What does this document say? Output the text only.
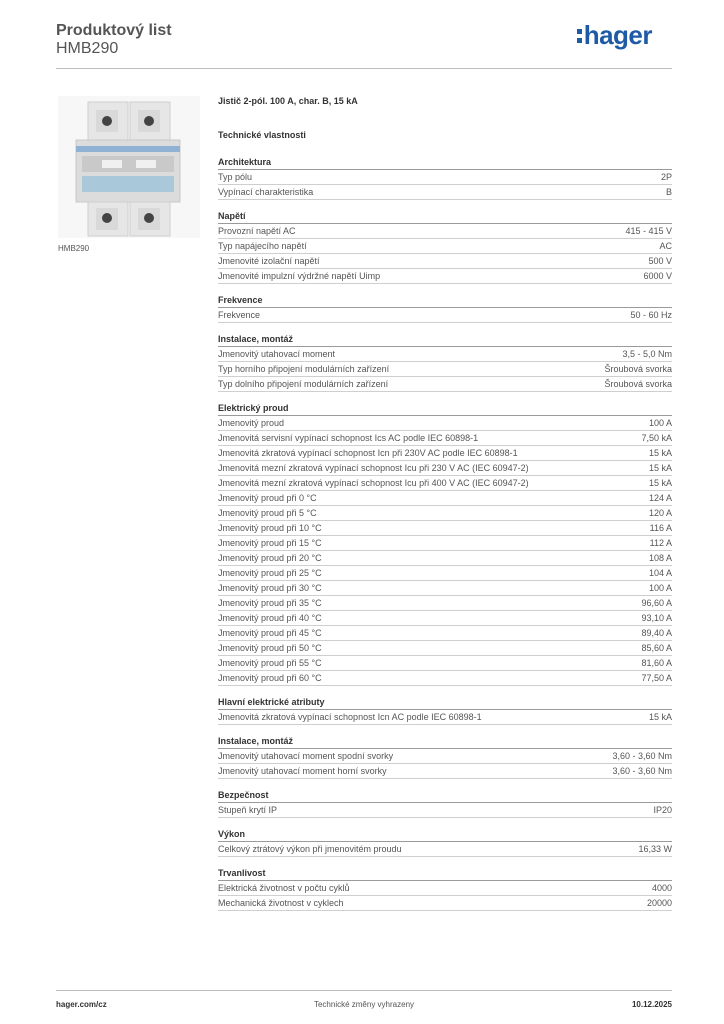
Produktový list
HMB290	hager
HMB290
Jistič 2-pól. 100 A, char. B, 15 kA
Technické vlastnosti
Architektura
Typ pólu	2P
Vypínací charakteristika	B
Napětí
Provozní napětí AC	415 - 415 V
Typ napájecího napětí	AC
Jmenovité izolační napětí	500 V
Jmenovité impulzní výdržné napětí Uimp	6000 V
Frekvence
Frekvence	50 - 60 Hz
Instalace, montáž
Jmenovitý utahovací moment	3,5 - 5,0 Nm
Typ horního připojení modulárních zařízení	Šroubová svorka
Typ dolního připojení modulárních zařízení	Šroubová svorka
Elektrický proud
Jmenovitý proud	100 A
Jmenovitá servisní vypínací schopnost Ics AC podle IEC 60898-1	7,50 kA
Jmenovitá zkratová vypínací schopnost Icn při 230V AC podle IEC 60898-1	15 kA
Jmenovitá mezní zkratová vypínací schopnost Icu při 230 V AC (IEC 60947-2)	15 kA
Jmenovitá mezní zkratová vypínací schopnost Icu při 400 V AC (IEC 60947-2)	15 kA
Jmenovitý proud při 0 °C	124 A
Jmenovitý proud při 5 °C	120 A
Jmenovitý proud při 10 °C	116 A
Jmenovitý proud při 15 °C	112 A
Jmenovitý proud při 20 °C	108 A
Jmenovitý proud při 25 °C	104 A
Jmenovitý proud při 30 °C	100 A
Jmenovitý proud při 35 °C	96,60 A
Jmenovitý proud při 40 °C	93,10 A
Jmenovitý proud při 45 °C	89,40 A
Jmenovitý proud při 50 °C	85,60 A
Jmenovitý proud při 55 °C	81,60 A
Jmenovitý proud při 60 °C	77,50 A
Hlavní elektrické atributy
Jmenovitá zkratová vypínací schopnost Icn AC podle IEC 60898-1	15 kA
Instalace, montáž
Jmenovitý utahovací moment spodní svorky	3,60 - 3,60 Nm
Jmenovitý utahovací moment horní svorky	3,60 - 3,60 Nm
Bezpečnost
Stupeň krytí IP	IP20
Výkon
Celkový ztrátový výkon při jmenovitém proudu	16,33 W
Trvanlivost
Elektrická životnost v počtu cyklů	4000
Mechanická životnost v cyklech	20000
hager.com/cz	Technické změny vyhrazeny	10.12.2025
